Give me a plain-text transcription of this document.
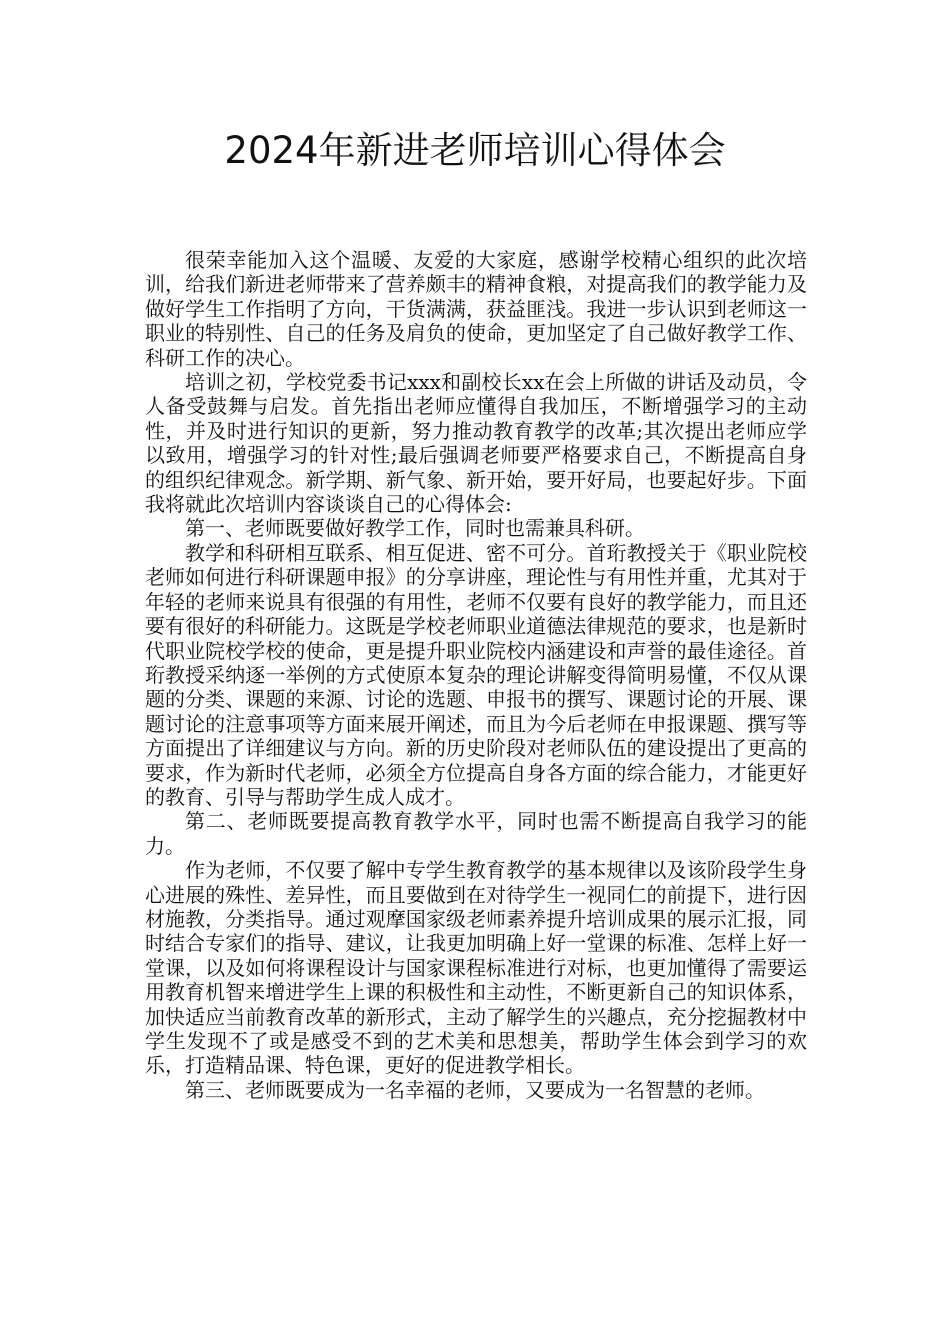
2024年新进老师培训心得体会

很荣幸能加入这个温暖、友爱的大家庭，感谢学校精心组织的此次培训，给我们新进老师带来了营养颇丰的精神食粮，对提高我们的教学能力及做好学生工作指明了方向，干货满满，获益匪浅。我进一步认识到老师这一职业的特别性、自己的任务及肩负的使命，更加坚定了自己做好教学工作、科研工作的决心。

培训之初，学校党委书记xxx和副校长xx在会上所做的讲话及动员，令人备受鼓舞与启发。首先指出老师应懂得自我加压，不断增强学习的主动性，并及时进行知识的更新，努力推动教育教学的改革;其次提出老师应学以致用，增强学习的针对性;最后强调老师要严格要求自己，不断提高自身的组织纪律观念。新学期、新气象、新开始，要开好局，也要起好步。下面我将就此次培训内容谈谈自己的心得体会:

第一、老师既要做好教学工作，同时也需兼具科研。

教学和科研相互联系、相互促进、密不可分。首珩教授关于《职业院校老师如何进行科研课题申报》的分享讲座，理论性与有用性并重，尤其对于年轻的老师来说具有很强的有用性，老师不仅要有良好的教学能力，而且还要有很好的科研能力。这既是学校老师职业道德法律规范的要求，也是新时代职业院校学校的使命，更是提升职业院校内涵建设和声誉的最佳途径。首珩教授采纳逐一举例的方式使原本复杂的理论讲解变得简明易懂，不仅从课题的分类、课题的来源、讨论的选题、申报书的撰写、课题讨论的开展、课题讨论的注意事项等方面来展开阐述，而且为今后老师在申报课题、撰写等方面提出了详细建议与方向。新的历史阶段对老师队伍的建设提出了更高的要求，作为新时代老师，必须全方位提高自身各方面的综合能力，才能更好的教育、引导与帮助学生成人成才。

第二、老师既要提高教育教学水平，同时也需不断提高自我学习的能力。

作为老师，不仅要了解中专学生教育教学的基本规律以及该阶段学生身心进展的殊性、差异性，而且要做到在对待学生一视同仁的前提下，进行因材施教，分类指导。通过观摩国家级老师素养提升培训成果的展示汇报，同时结合专家们的指导、建议，让我更加明确上好一堂课的标准、怎样上好一堂课，以及如何将课程设计与国家课程标准进行对标，也更加懂得了需要运用教育机智来增进学生上课的积极性和主动性，不断更新自己的知识体系，加快适应当前教育改革的新形式，主动了解学生的兴趣点，充分挖掘教材中学生发现不了或是感受不到的艺术美和思想美，帮助学生体会到学习的欢乐，打造精品课、特色课，更好的促进教学相长。

第三、老师既要成为一名幸福的老师，又要成为一名智慧的老师。
